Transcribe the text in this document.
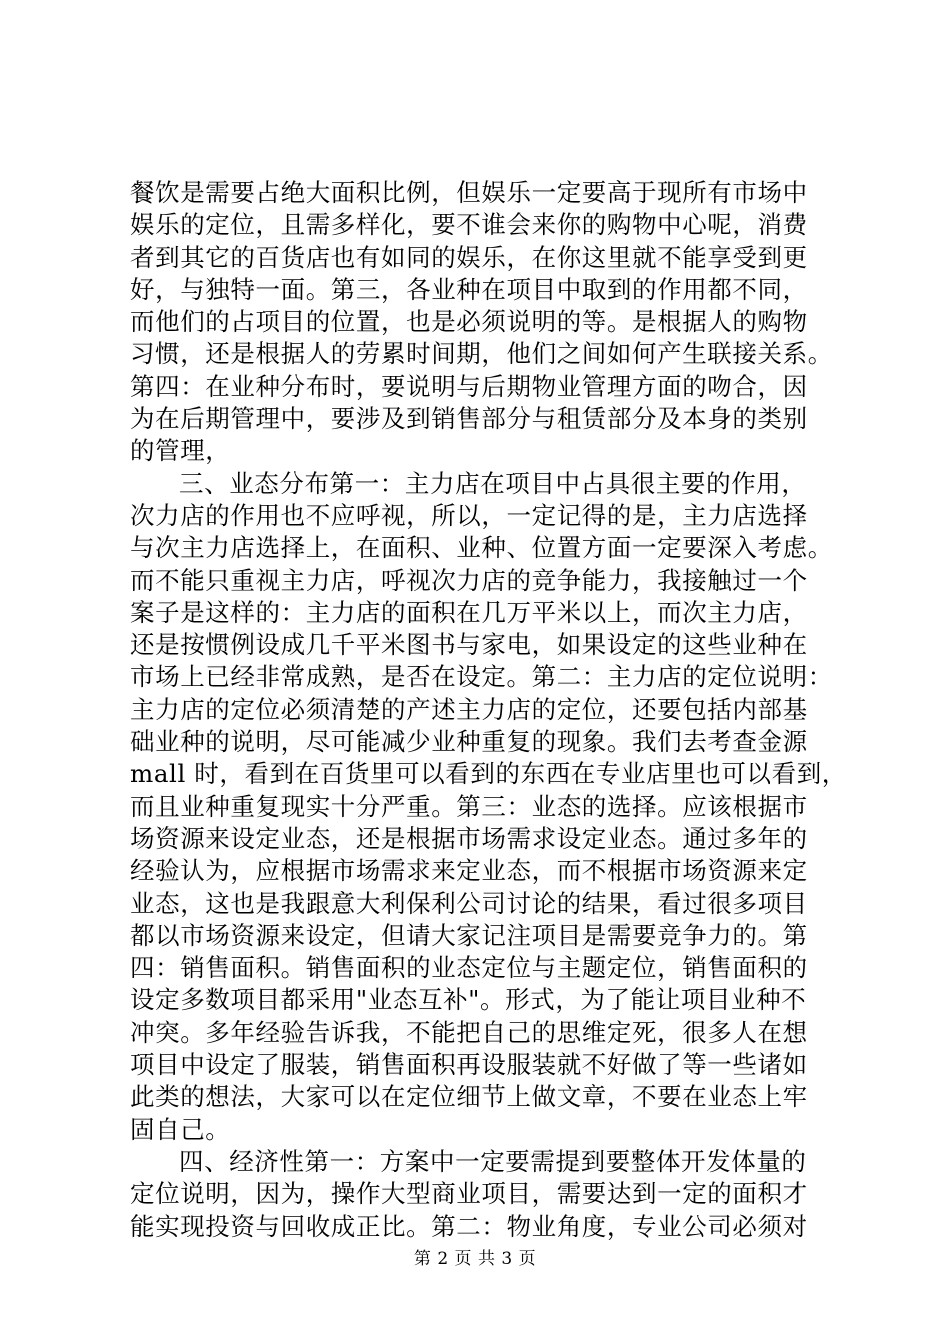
餐饮是需要占绝大面积比例，但娱乐一定要高于现所有市场中
娱乐的定位，且需多样化，要不谁会来你的购物中心呢，消费
者到其它的百货店也有如同的娱乐，在你这里就不能享受到更
好，与独特一面。第三，各业种在项目中取到的作用都不同，
而他们的占项目的位置，也是必须说明的等。是根据人的购物
习惯，还是根据人的劳累时间期，他们之间如何产生联接关系。
第四：在业种分布时，要说明与后期物业管理方面的吻合，因
为在后期管理中，要涉及到销售部分与租赁部分及本身的类别
的管理，
三、业态分布第一：主力店在项目中占具很主要的作用，
次力店的作用也不应呼视，所以，一定记得的是，主力店选择
与次主力店选择上，在面积、业种、位置方面一定要深入考虑。
而不能只重视主力店，呼视次力店的竞争能力，我接触过一个
案子是这样的：主力店的面积在几万平米以上，而次主力店，
还是按惯例设成几千平米图书与家电，如果设定的这些业种在
市场上已经非常成熟，是否在设定。第二：主力店的定位说明：
主力店的定位必须清楚的产述主力店的定位，还要包括内部基
础业种的说明，尽可能减少业种重复的现象。我们去考查金源
mall 时，看到在百货里可以看到的东西在专业店里也可以看到，
而且业种重复现实十分严重。第三：业态的选择。应该根据市
场资源来设定业态，还是根据市场需求设定业态。通过多年的
经验认为，应根据市场需求来定业态，而不根据市场资源来定
业态，这也是我跟意大利保利公司讨论的结果，看过很多项目
都以市场资源来设定，但请大家记注项目是需要竞争力的。第
四：销售面积。销售面积的业态定位与主题定位，销售面积的
设定多数项目都采用"业态互补"。形式，为了能让项目业种不
冲突。多年经验告诉我，不能把自己的思维定死，很多人在想
项目中设定了服装，销售面积再设服装就不好做了等一些诸如
此类的想法，大家可以在定位细节上做文章，不要在业态上牢
固自己。
四、经济性第一：方案中一定要需提到要整体开发体量的
定位说明，因为，操作大型商业项目，需要达到一定的面积才
能实现投资与回收成正比。第二：物业角度，专业公司必须对
第 2 页 共 3 页
